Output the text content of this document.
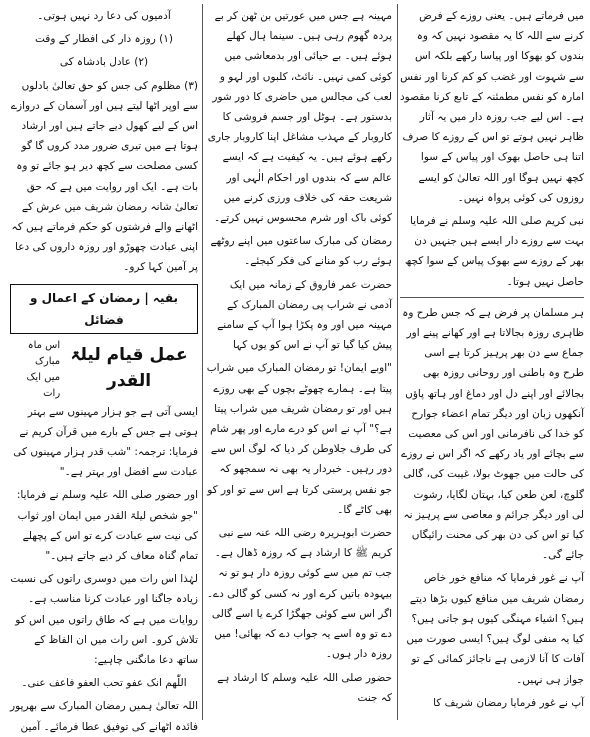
میں فرماتے ہیں۔ یعنی روزے کے فرض کرنے سے اللہ کا یہ مقصود نہیں کہ وہ بندوں کو بھوکا اور پیاسا رکھے بلکہ اس سے شہوت اور غضب کو کم کرنا اور نفس امارہ کو نفس مطمئنہ کے تابع کرنا مقصود ہے۔ اس لیے جب روزہ دار میں یہ آثار ظاہر نہیں ہوتے تو اس کے روزے کا صرف اتنا ہی حاصل بھوک اور پیاس کے سوا کچھ نہیں ہوگا اور اللہ تعالیٰ کو ایسے روزوں کی کوئی پرواہ نہیں۔

نبی کریم صلی اللہ علیہ وسلم نے فرمایا بہت سے روزے دار ایسے ہیں جنہیں دن بھر کے روزے سے بھوک پیاس کے سوا کچھ حاصل نہیں ہوتا۔

ہر مسلمان پر فرض ہے کہ جس طرح وہ ظاہری روزہ بجالاتا ہے اور کھانے پینے اور جماع سے دن بھر پرہیز کرتا ہے اسی طرح وہ باطنی اور روحانی روزہ بھی بجالائے اور اپنے دل اور دماغ اور ہاتھ پاؤں آنکھوں زبان اور دیگر تمام اعضاء جوارح کو خدا کی نافرمانی اور اس کی معصیت سے بچائے اور یاد رکھے کہ اگر اس نے روزے کی حالت میں جھوٹ بولا، غیبت کی، گالی گلوچ، لعن طعن کیا، بہتان لگایا، رشوت لی اور دیگر جرائم و معاصی سے پرہیز نہ کیا تو اس کی دن بھر کی محنت رائیگاں جائے گی۔

آپ نے غور فرمایا کہ منافع خور خاص رمضان شریف میں منافع کیوں بڑھا دیتے ہیں؟ اشیاء مہنگی کیوں ہو جاتی ہیں؟ کیا یہ منفی لوگ ہیں؟ ایسی صورت میں آفات کا آنا لازمی ہے ناجائز کمائی کے تو جواز ہی نہیں۔

آپ نے غور فرمایا رمضان شریف کا

مہینہ ہے جس میں عورتیں بن ٹھن کر بے پردہ گھوم رہی ہیں۔ سینما ہال کھلے ہوئے ہیں۔ بے حیائی اور بدمعاشی میں کوئی کمی نہیں۔ نائٹ، کلبوں اور لہو و لعب کی مجالس میں حاضری کا دور شور بدستور ہے۔ ہوٹل اور جسم فروشی کا کاروبار کے مہذب مشاغل اپنا کاروبار جاری رکھے ہوئے ہیں۔ یہ کیفیت ہے کہ ایسے عالم سے کہ بندوں اور احکام الٰہی اور شریعت حقہ کی خلاف ورزی کرنے میں کوئی باک اور شرم محسوس نہیں کرتے۔

رمضان کی مبارک ساعتوں میں اپنے روٹھے ہوئے رب کو منانے کی فکر کیجئے۔

حضرت عمر فاروق کے زمانہ میں ایک آدمی نے شراب پی رمضان المبارک کے مہینہ میں اور وہ پکڑا ہوا آپ کے سامنے پیش کیا گیا تو آپ نے اس کو یوں کہا

"اوبے ایمان! تو رمضان المبارک میں شراب پیتا ہے۔ ہمارے چھوٹے بچوں کے بھی روزے ہیں اور تو رمضان شریف میں شراب پیتا ہے؟" آپ نے اس کو درے مارے اور پھر شام کی طرف جلاوطن کر دیا کہ لوگ اس سے دور رہیں۔ خبردار یہ بھی نہ سمجھو کہ جو نفس پرستی کرتا ہے اس سے تو اور کو بھی کاٹے گا۔

حضرت ابوہریرہ رضی اللہ عنہ سے نبی کریم ﷺ کا ارشاد ہے کہ روزہ ڈھال ہے۔ جب تم میں سے کوئی روزہ دار ہو تو نہ بیہودہ باتیں کرے اور نہ کسی کو گالی دے۔ اگر اس سے کوئی جھگڑا کرے یا اسے گالی دے تو وہ اسے یہ جواب دے کہ بھائی! میں روزہ دار ہوں۔

حضور صلی اللہ علیہ وسلم کا ارشاد ہے کہ جنت

آدمیوں کی دعا رد نہیں ہوتی۔

(۱) روزہ دار کی افطار کے وقت

(۲) عادل بادشاہ کی

(۳) مظلوم کی جس کو حق تعالیٰ بادلوں سے اوپر اٹھا لیتے ہیں اور آسمان کے دروازے اس کے لیے کھول دیے جاتے ہیں اور ارشاد ہوتا ہے میں تیری ضرور مدد کروں گا گو کسی مصلحت سے کچھ دیر ہو جائے تو وہ بات ہے۔ ایک اور روایت میں ہے کہ حق تعالیٰ شانہ رمضان شریف میں عرش کے اٹھانے والے فرشتوں کو حکم فرماتے ہیں کہ اپنی عبادت چھوڑو اور روزہ داروں کی دعا پر آمین کہا کرو۔

بقیہ | رمضان کے اعمال و فضائل
عمل قیام لیلۃ القدر
اس ماہ مبارک
میں ایک رات

ایسی آتی ہے جو ہزار مہینوں سے بہتر ہوتی ہے جس کے بارے میں قرآن کریم نے فرمایا: ترجمہ: "شب قدر ہزار مہینوں کی عبادت سے افضل اور بہتر ہے۔"

اور حضور صلی اللہ علیہ وسلم نے فرمایا: "جو شخص لیلۃ القدر میں ایمان اور ثواب کی نیت سے عبادت کرے تو اس کے پچھلے تمام گناہ معاف کر دیے جاتے ہیں۔"

لہٰذا اس رات میں دوسری راتوں کی نسبت زیادہ جاگنا اور عبادت کرنا مناسب ہے۔ روایات میں ہے کہ طاق راتوں میں اس کو تلاش کرو۔ اس رات میں ان الفاظ کے ساتھ دعا مانگنی چاہیے:

اللّٰھم انک عفو تحب العفو فاعف عنی۔

اللہ تعالیٰ ہمیں رمضان المبارک سے بھرپور فائدہ اٹھانے کی توفیق عطا فرمائے۔ آمین
